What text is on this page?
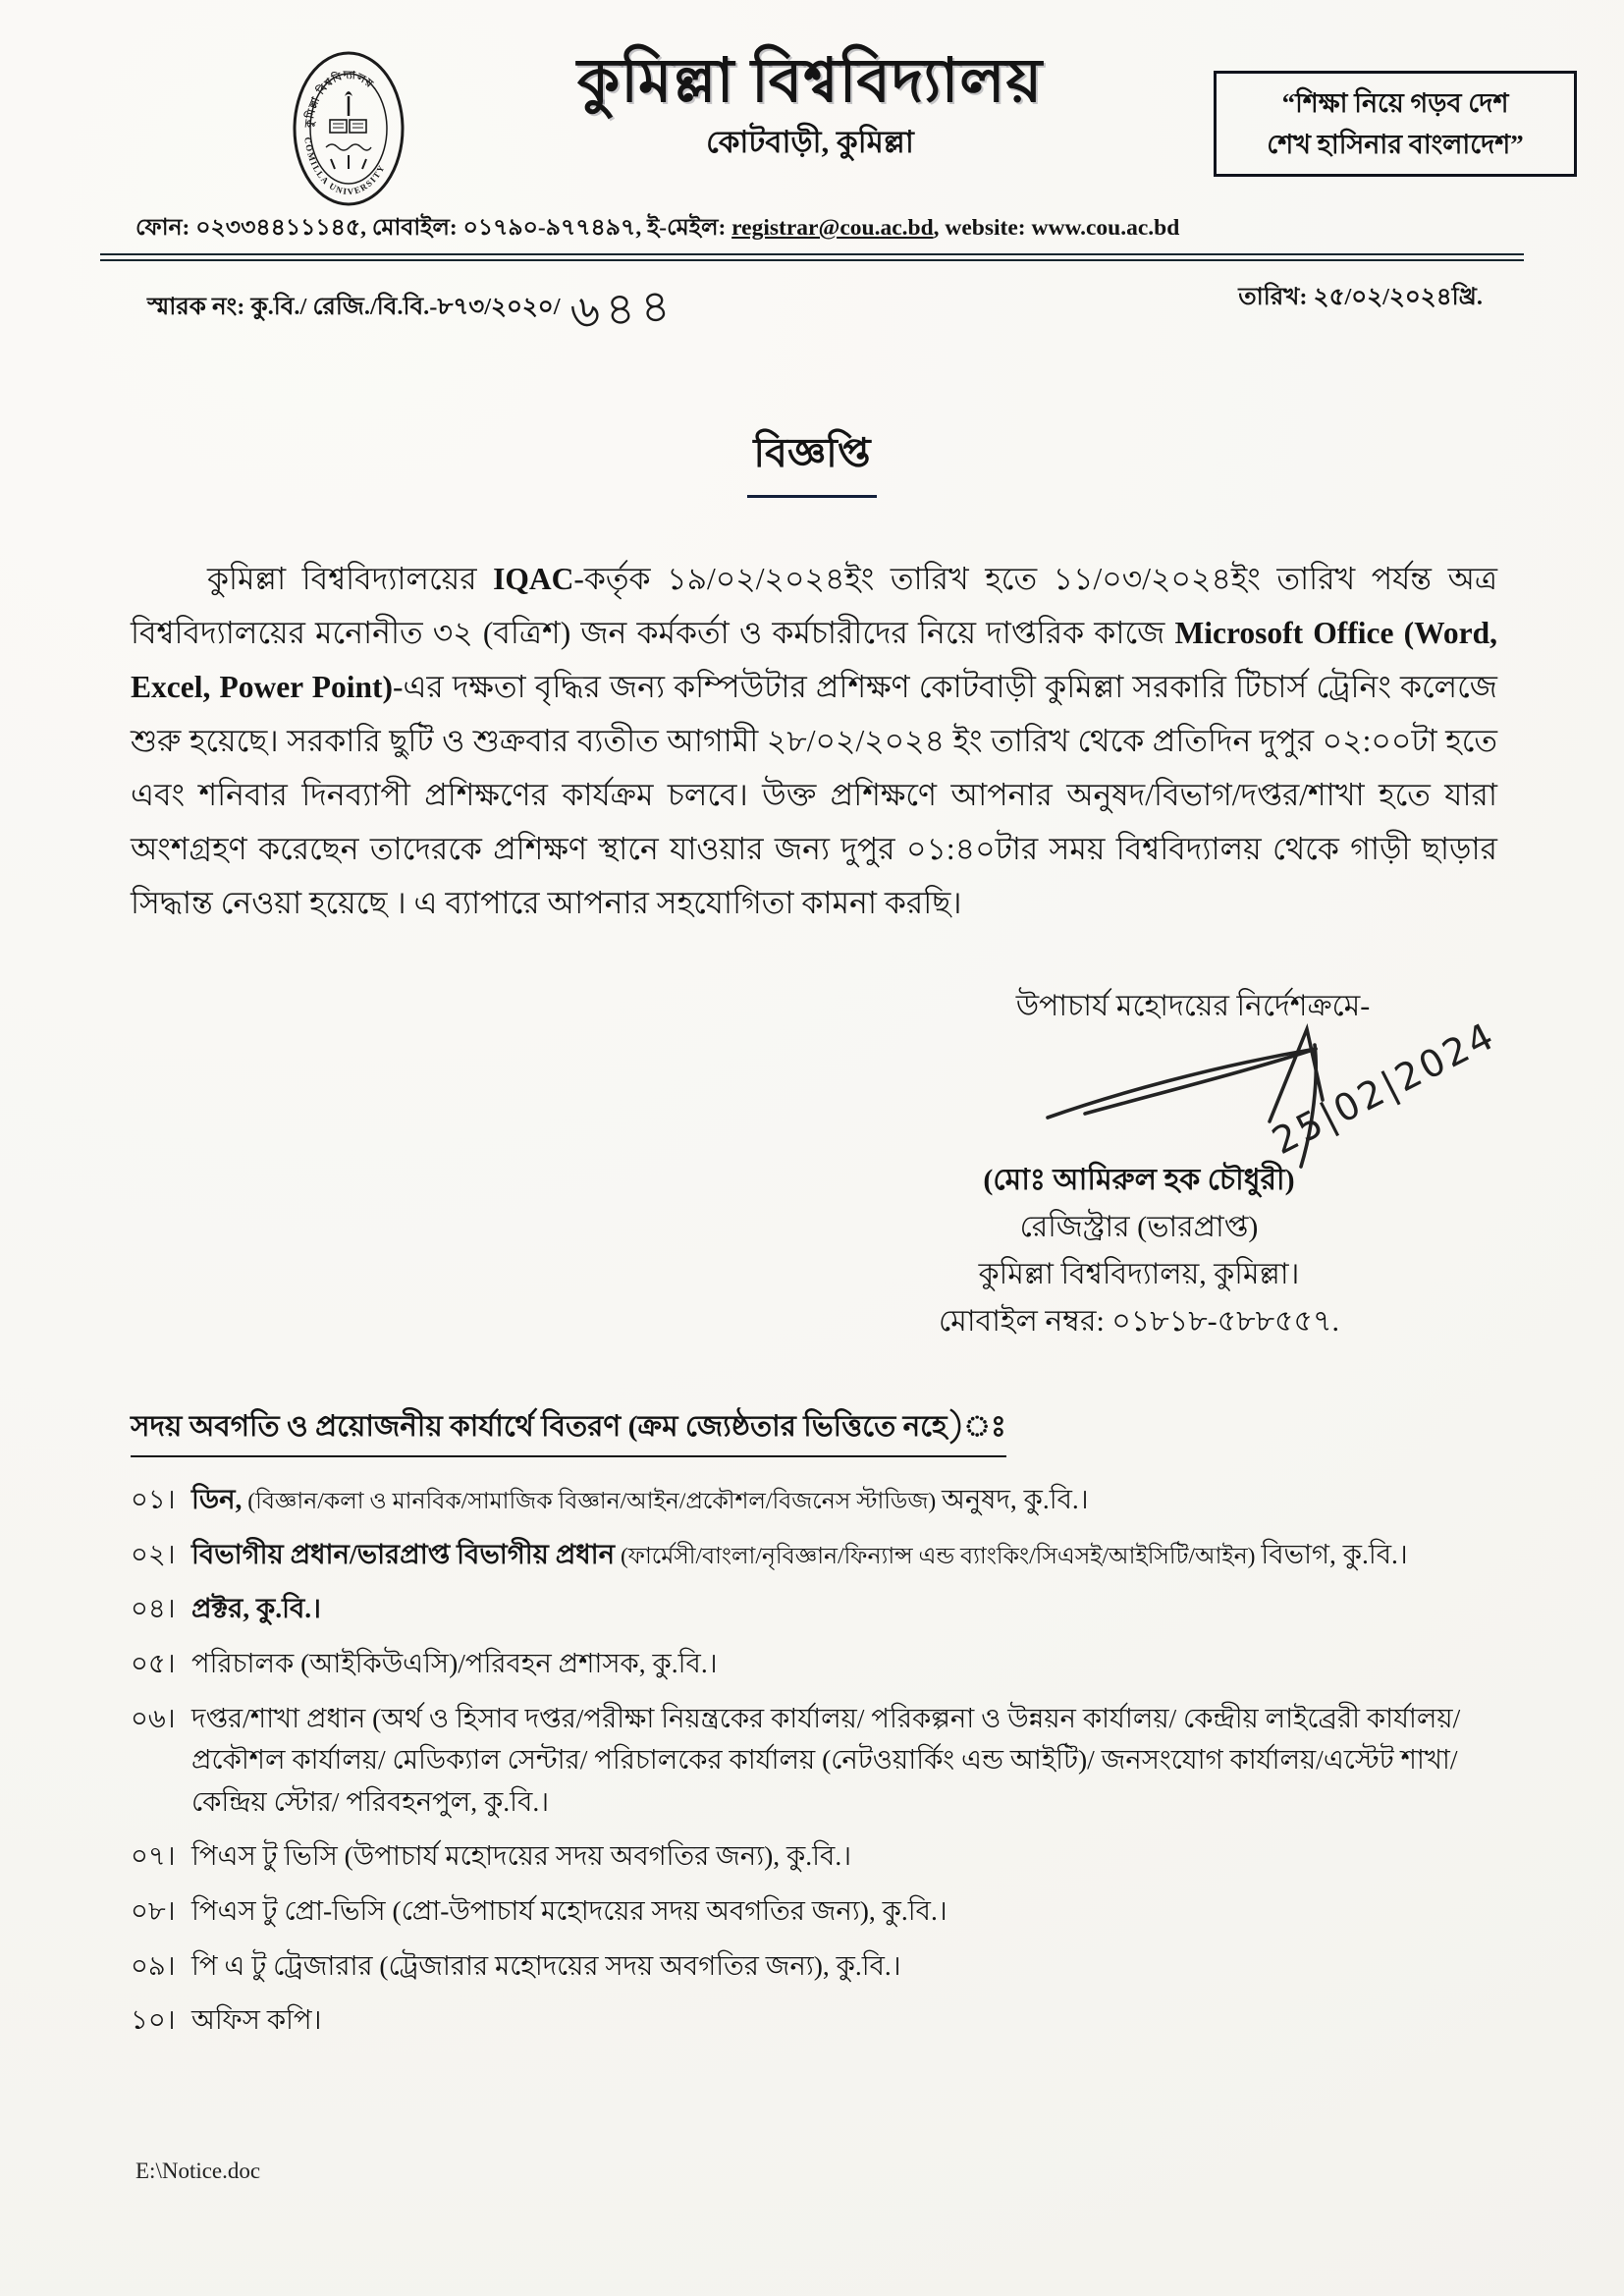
কুমিল্লা বিশ্ববিদ্যালয়
COMILLA UNIVERSITY
কুমিল্লা বিশ্ববিদ্যালয়
কোটবাড়ী, কুমিল্লা
“শিক্ষা নিয়ে গড়ব দেশ
শেখ হাসিনার বাংলাদেশ”
ফোন: ০২৩৩৪৪১১১৪৫, মোবাইল: ০১৭৯০-৯৭৭৪৯৭, ই-মেইল: registrar@cou.ac.bd, website: www.cou.ac.bd
স্মারক নং: কু.বি./ রেজি./বি.বি.-৮৭৩/২০২০/ ৬৪৪	তারিখ: ২৫/০২/২০২৪খ্রি.
বিজ্ঞপ্তি
কুমিল্লা বিশ্ববিদ্যালয়ের IQAC-কর্তৃক ১৯/০২/২০২৪ইং তারিখ হতে ১১/০৩/২০২৪ইং তারিখ পর্যন্ত অত্র বিশ্ববিদ্যালয়ের মনোনীত ৩২ (বত্রিশ) জন কর্মকর্তা ও কর্মচারীদের নিয়ে দাপ্তরিক কাজে Microsoft Office (Word, Excel, Power Point)-এর দক্ষতা বৃদ্ধির জন্য কম্পিউটার প্রশিক্ষণ কোটবাড়ী কুমিল্লা সরকারি টিচার্স ট্রেনিং কলেজে শুরু হয়েছে। সরকারি ছুটি ও শুক্রবার ব্যতীত আগামী ২৮/০২/২০২৪ ইং তারিখ থেকে প্রতিদিন দুপুর ০২:০০টা হতে এবং শনিবার দিনব্যাপী প্রশিক্ষণের কার্যক্রম চলবে। উক্ত প্রশিক্ষণে আপনার অনুষদ/বিভাগ/দপ্তর/শাখা হতে যারা অংশগ্রহণ করেছেন তাদেরকে প্রশিক্ষণ স্থানে যাওয়ার জন্য দুপুর ০১:৪০টার সময় বিশ্ববিদ্যালয় থেকে গাড়ী ছাড়ার সিদ্ধান্ত নেওয়া হয়েছে । এ ব্যাপারে আপনার সহযোগিতা কামনা করছি।
উপাচার্য মহোদয়ের নির্দেশক্রমে-
25|02|2024
(মোঃ আমিরুল হক চৌধুরী)
রেজিস্ট্রার (ভারপ্রাপ্ত)
কুমিল্লা বিশ্ববিদ্যালয়, কুমিল্লা।
মোবাইল নম্বর: ০১৮১৮-৫৮৮৫৫৭.
সদয় অবগতি ও প্রয়োজনীয় কার্যার্থে বিতরণ (ক্রম জ্যেষ্ঠতার ভিত্তিতে নহে)ঃ
০১। ডিন, (বিজ্ঞান/কলা ও মানবিক/সামাজিক বিজ্ঞান/আইন/প্রকৌশল/বিজনেস স্টাডিজ) অনুষদ, কু.বি.।
০২। বিভাগীয় প্রধান/ভারপ্রাপ্ত বিভাগীয় প্রধান (ফার্মেসী/বাংলা/নৃবিজ্ঞান/ফিন্যান্স এন্ড ব্যাংকিং/সিএসই/আইসিটি/আইন) বিভাগ, কু.বি.।
০৪। প্রক্টর, কু.বি.।
০৫। পরিচালক (আইকিউএসি)/পরিবহন প্রশাসক, কু.বি.।
০৬। দপ্তর/শাখা প্রধান (অর্থ ও হিসাব দপ্তর/পরীক্ষা নিয়ন্ত্রকের কার্যালয়/ পরিকল্পনা ও উন্নয়ন কার্যালয়/ কেন্দ্রীয় লাইব্রেরী কার্যালয়/ প্রকৌশল কার্যালয়/ মেডিক্যাল সেন্টার/ পরিচালকের কার্যালয় (নেটওয়ার্কিং এন্ড আইটি)/ জনসংযোগ কার্যালয়/এস্টেট শাখা/ কেন্দ্রিয় স্টোর/ পরিবহনপুল, কু.বি.।
০৭। পিএস টু ভিসি (উপাচার্য মহোদয়ের সদয় অবগতির জন্য), কু.বি.।
০৮। পিএস টু প্রো-ভিসি (প্রো-উপাচার্য মহোদয়ের সদয় অবগতির জন্য), কু.বি.।
০৯। পি এ টু ট্রেজারার (ট্রেজারার মহোদয়ের সদয় অবগতির জন্য), কু.বি.।
১০। অফিস কপি।
E:\Notice.doc
